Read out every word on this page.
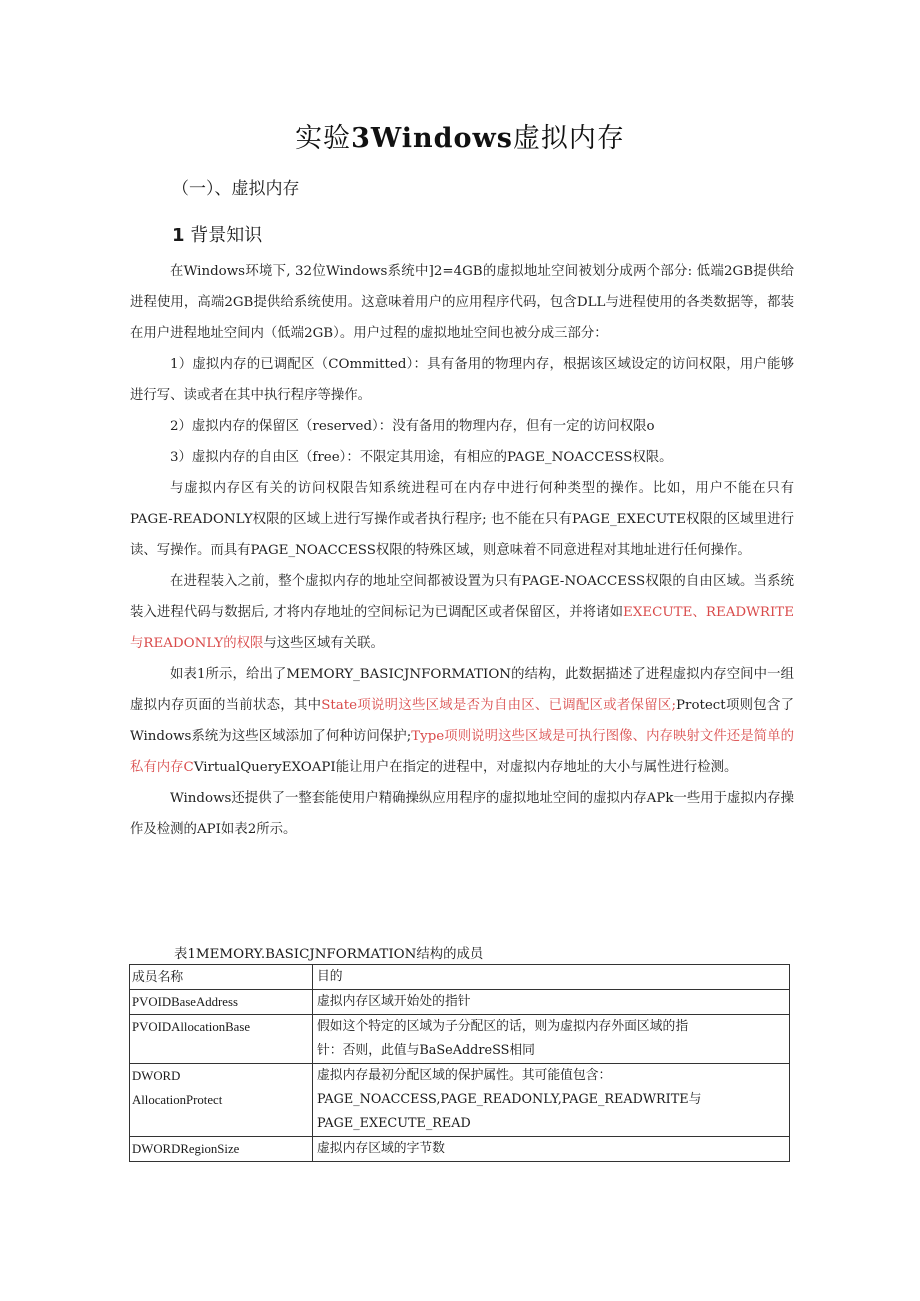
实验3Windows虚拟内存
（一）、虚拟内存
1 背景知识

在Windows环境下, 32位Windows系统中]2=4GB的虚拟地址空间被划分成两个部分: 低端2GB提供给进程使用，高端2GB提供给系统使用。这意味着用户的应用程序代码，包含DLL与进程使用的各类数据等，都装在用户进程地址空间内（低端2GB）。用户过程的虚拟地址空间也被分成三部分：

1）虚拟内存的已调配区（COmmitted）：具有备用的物理内存，根据该区域设定的访问权限，用户能够进行写、读或者在其中执行程序等操作。

2）虚拟内存的保留区（reserved）：没有备用的物理内存，但有一定的访问权限o

3）虚拟内存的自由区（free）：不限定其用途，有相应的PAGE_NOACCESS权限。

与虚拟内存区有关的访问权限告知系统进程可在内存中进行何种类型的操作。比如，用户不能在只有PAGE-READONLY权限的区域上进行写操作或者执行程序; 也不能在只有PAGE_EXECUTE权限的区域里进行读、写操作。而具有PAGE_NOACCESS权限的特殊区域，则意味着不同意进程对其地址进行任何操作。

在进程装入之前，整个虚拟内存的地址空间都被设置为只有PAGE-NOACCESS权限的自由区域。当系统装入进程代码与数据后, 才将内存地址的空间标记为已调配区或者保留区，并将诸如EXECUTE、READWRITE与READONLY的权限与这些区域有关联。

如表1所示，给出了MEMORY_BASICJNFORMATION的结构，此数据描述了进程虚拟内存空间中一组虚拟内存页面的当前状态，其中State项说明这些区域是否为自由区、已调配区或者保留区;Protect项则包含了Windows系统为这些区域添加了何种访问保护;Type项则说明这些区域是可执行图像、内存映射文件还是简单的私有内存CVirtualQueryEXOAPI能让用户在指定的进程中，对虚拟内存地址的大小与属性进行检测。

Windows还提供了一整套能使用户精确操纵应用程序的虚拟地址空间的虚拟内存APk一些用于虚拟内存操作及检测的API如表2所示。

表1MEMORY.BASICJNFORMATION结构的成员
成员名称	目的
PVOIDBaseAddress	虚拟内存区域开始处的指针

PVOIDAllocationBase	假如这个特定的区域为子分配区的话，则为虚拟内存外面区域的指
针：否则，此值与BaSeAddreSS相同

DWORD
AllocationProtect	虚拟内存最初分配区域的保护属性。其可能值包含：
PAGE_NOACCESS,PAGE_READONLY,PAGE_READWRITE与
PAGE_EXECUTE_READ

DWORDRegionSize	虚拟内存区域的字节数
